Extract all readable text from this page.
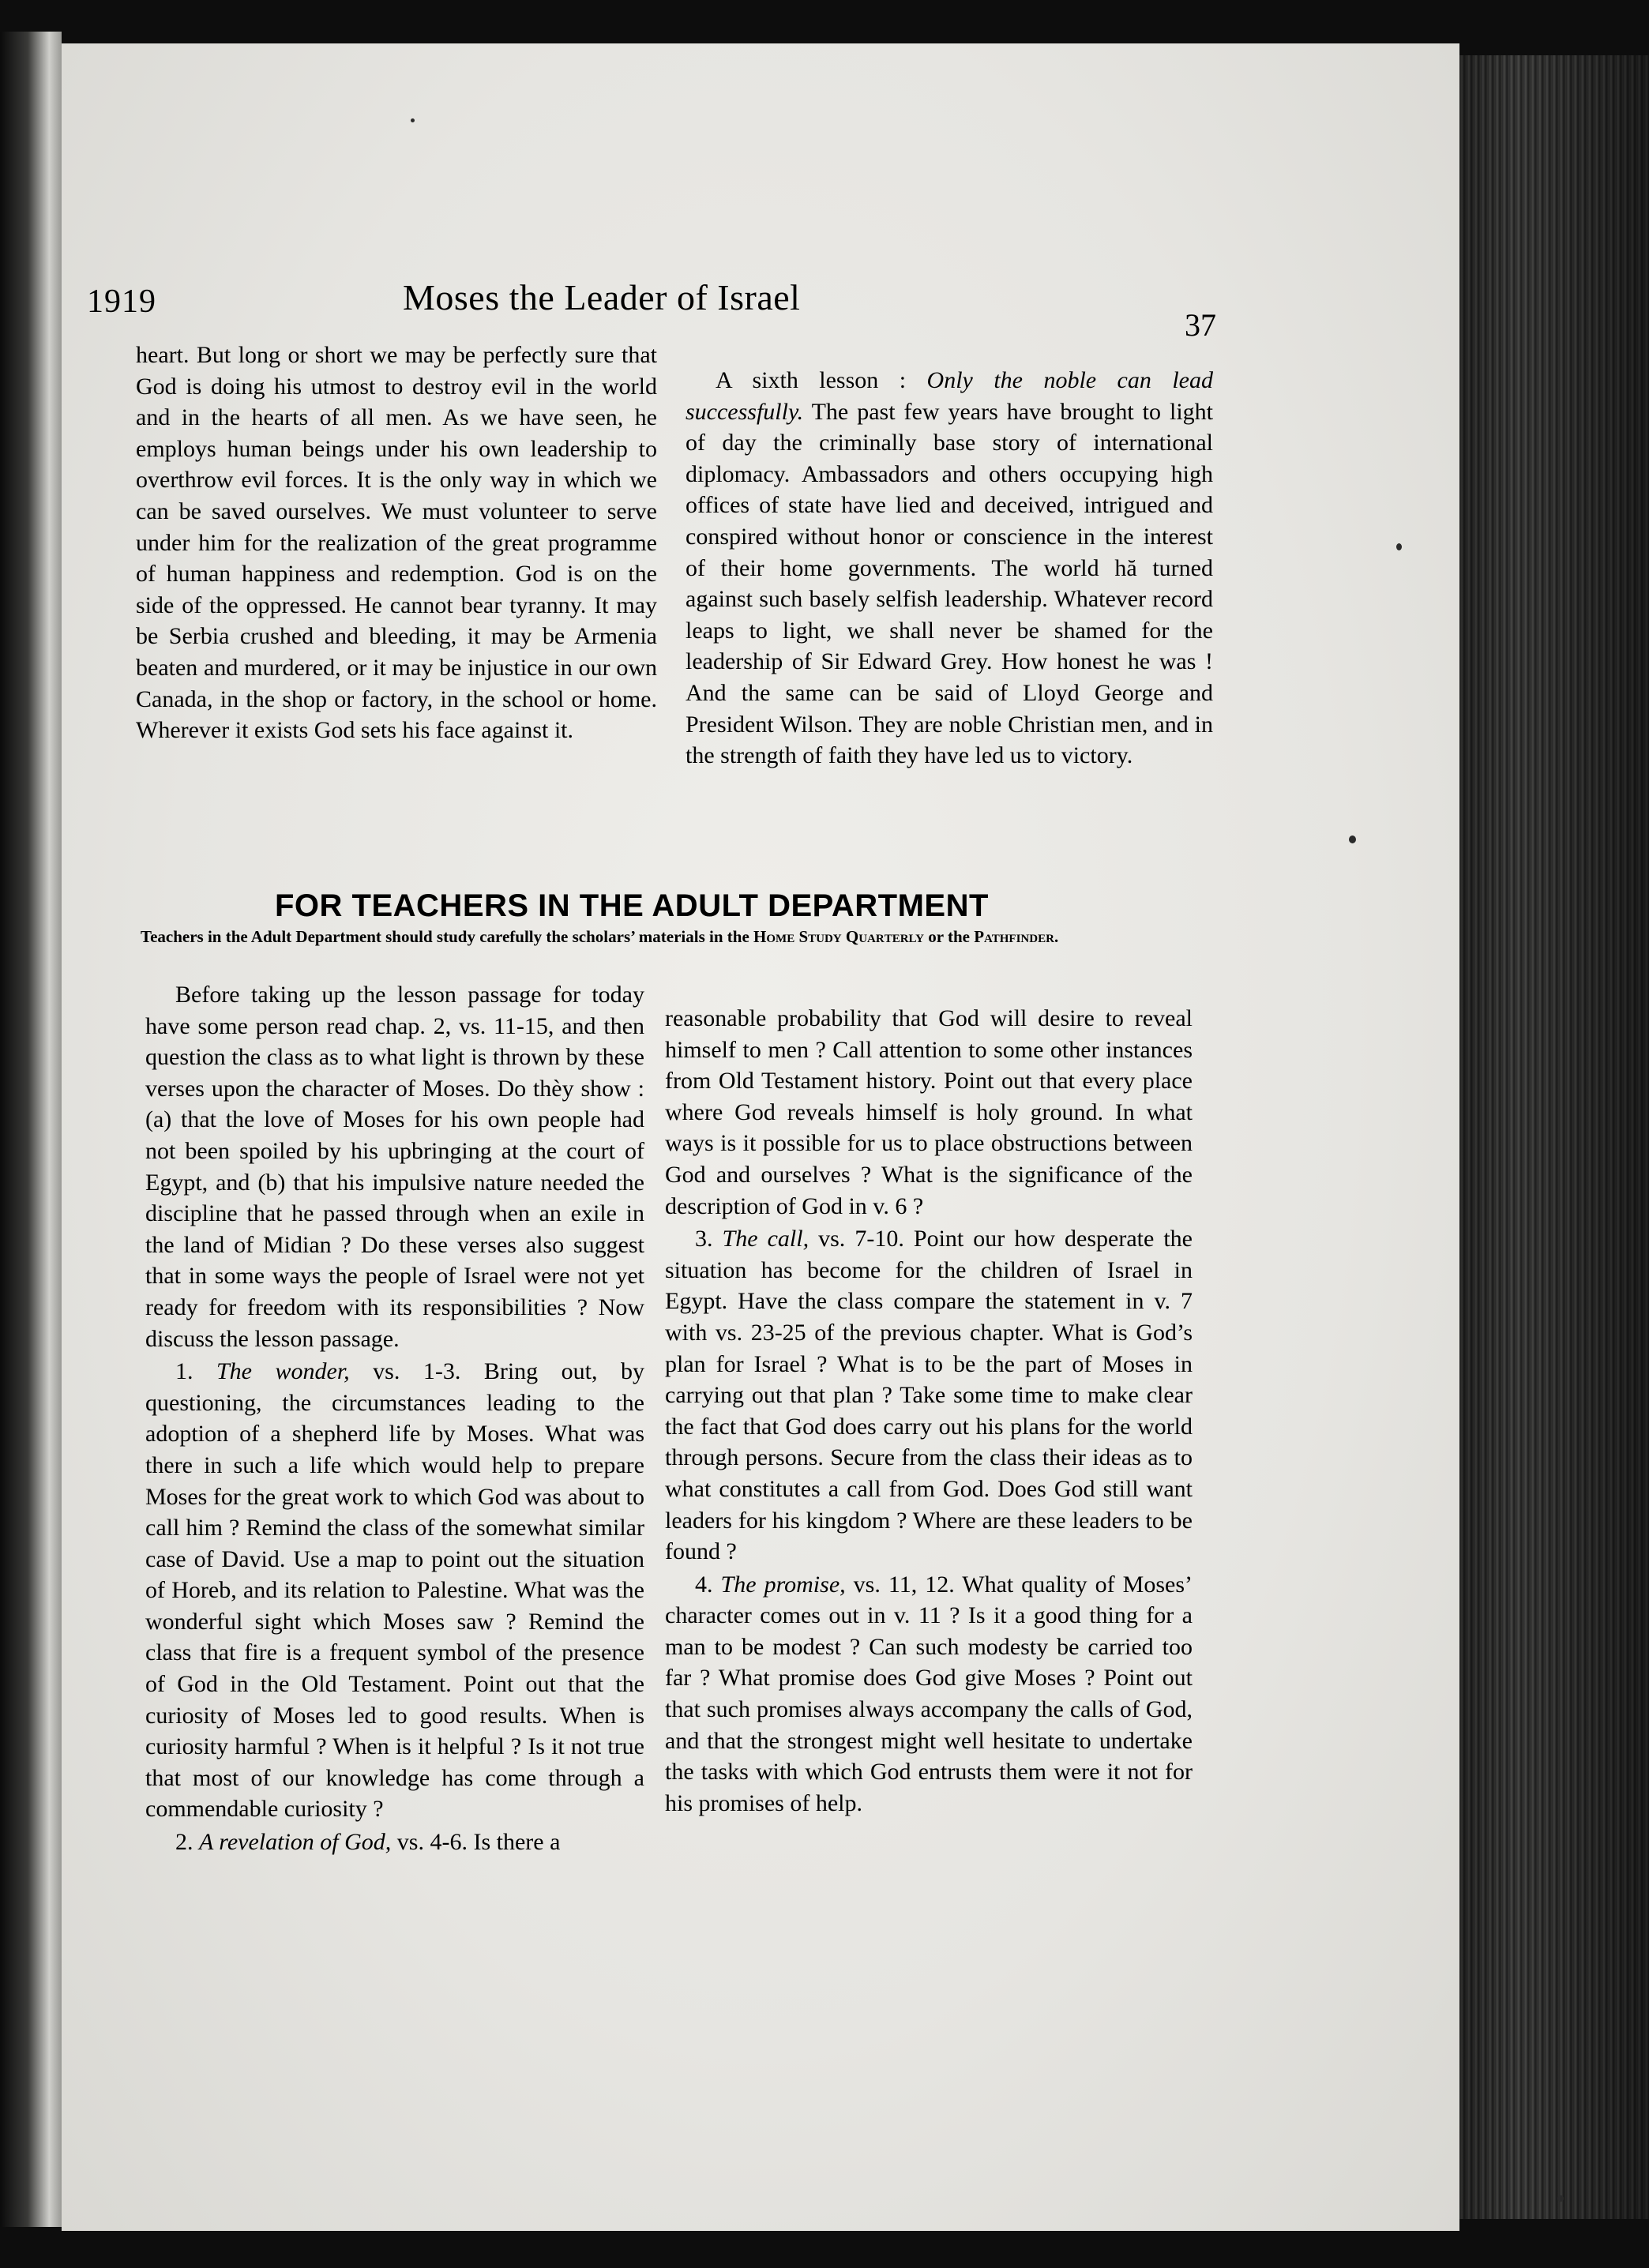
1919	Moses the Leader of Israel
37

heart. But long or short we may be perfectly sure that God is doing his utmost to destroy evil in the world and in the hearts of all men. As we have seen, he employs human beings under his own leadership to overthrow evil forces. It is the only way in which we can be saved ourselves. We must volunteer to serve under him for the realization of the great programme of human happiness and redemption. God is on the side of the oppressed. He cannot bear tyranny. It may be Serbia crushed and bleeding, it may be Armenia beaten and murdered, or it may be injustice in our own Canada, in the shop or factory, in the school or home. Wherever it exists God sets his face against it.

A sixth lesson : Only the noble can lead successfully. The past few years have brought to light of day the criminally base story of international diplomacy. Ambassadors and others occupying high offices of state have lied and deceived, intrigued and conspired without honor or conscience in the interest of their home governments. The world hă turned against such basely selfish leadership. Whatever record leaps to light, we shall never be shamed for the leadership of Sir Edward Grey. How honest he was ! And the same can be said of Lloyd George and President Wilson. They are noble Christian men, and in the strength of faith they have led us to victory.

FOR TEACHERS IN THE ADULT DEPARTMENT
Teachers in the Adult Department should study carefully the scholars’ materials in the Home Study Quarterly or the Pathfinder.

Before taking up the lesson passage for today have some person read chap. 2, vs. 11-15, and then question the class as to what light is thrown by these verses upon the character of Moses. Do thèy show : (a) that the love of Moses for his own people had not been spoiled by his upbringing at the court of Egypt, and (b) that his impulsive nature needed the discipline that he passed through when an exile in the land of Midian ? Do these verses also suggest that in some ways the people of Israel were not yet ready for freedom with its responsibilities ? Now discuss the lesson passage.

1. The wonder, vs. 1-3. Bring out, by questioning, the circumstances leading to the adoption of a shepherd life by Moses. What was there in such a life which would help to prepare Moses for the great work to which God was about to call him ? Remind the class of the somewhat similar case of David. Use a map to point out the situation of Horeb, and its relation to Palestine. What was the wonderful sight which Moses saw ? Remind the class that fire is a frequent symbol of the presence of God in the Old Testament. Point out that the curiosity of Moses led to good results. When is curiosity harmful ? When is it helpful ? Is it not true that most of our knowledge has come through a commendable curiosity ?

2. A revelation of God, vs. 4-6. Is there a

reasonable probability that God will desire to reveal himself to men ? Call attention to some other instances from Old Testament history. Point out that every place where God reveals himself is holy ground. In what ways is it possible for us to place obstructions between God and ourselves ? What is the significance of the description of God in v. 6 ?

3. The call, vs. 7-10. Point our how desperate the situation has become for the children of Israel in Egypt. Have the class compare the statement in v. 7 with vs. 23-25 of the previous chapter. What is God’s plan for Israel ? What is to be the part of Moses in carrying out that plan ? Take some time to make clear the fact that God does carry out his plans for the world through persons. Secure from the class their ideas as to what constitutes a call from God. Does God still want leaders for his kingdom ? Where are these leaders to be found ?

4. The promise, vs. 11, 12. What quality of Moses’ character comes out in v. 11 ? Is it a good thing for a man to be modest ? Can such modesty be carried too far ? What promise does God give Moses ? Point out that such promises always accompany the calls of God, and that the strongest might well hesitate to undertake the tasks with which God entrusts them were it not for his promises of help.
